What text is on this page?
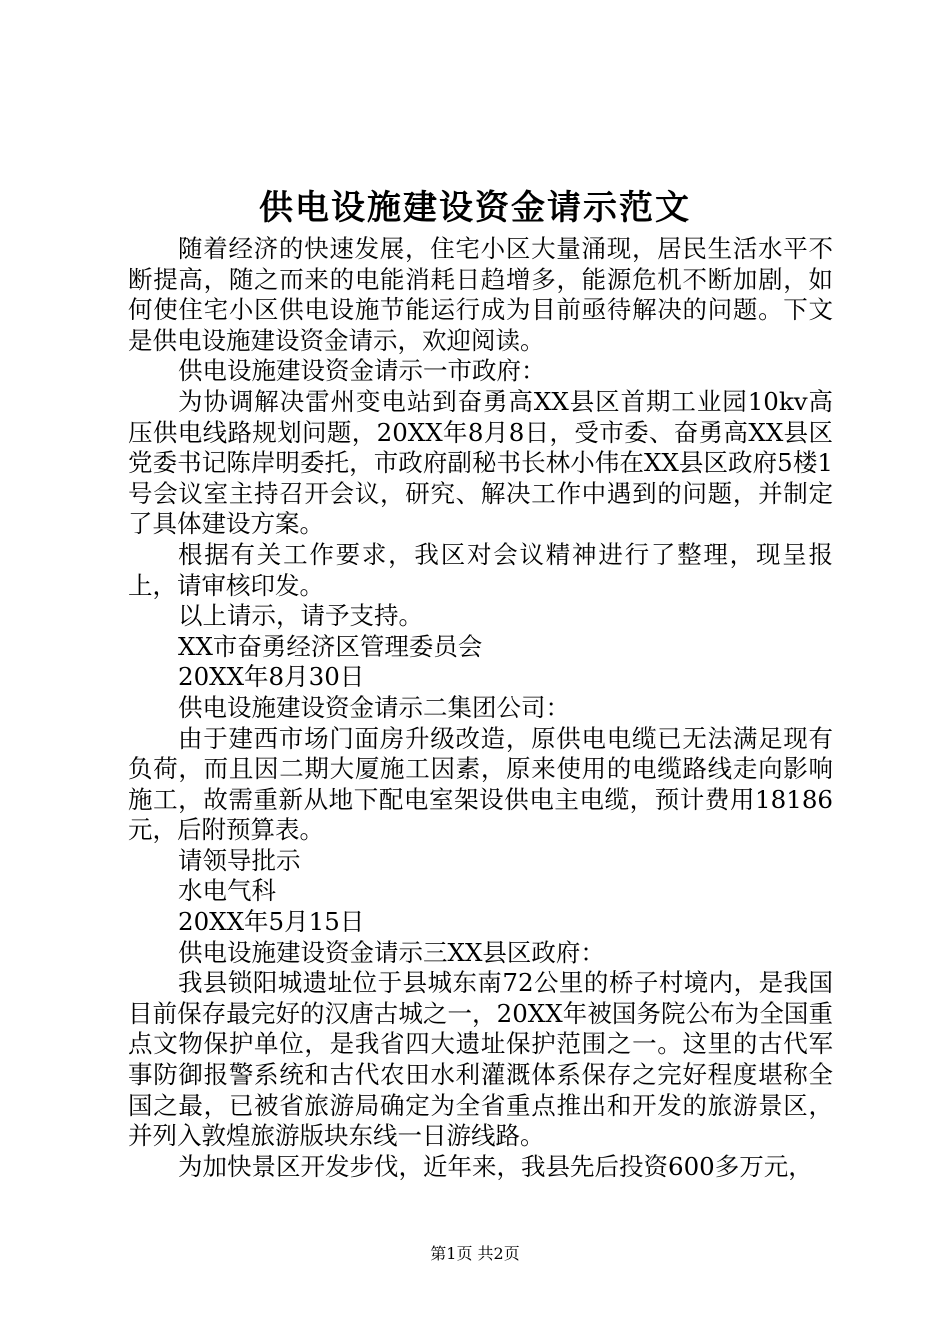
供电设施建设资金请示范文

随着经济的快速发展，住宅小区大量涌现，居民生活水平不断提高，随之而来的电能消耗日趋增多，能源危机不断加剧，如何使住宅小区供电设施节能运行成为目前亟待解决的问题。下文是供电设施建设资金请示，欢迎阅读。

供电设施建设资金请示一市政府：

为协调解决雷州变电站到奋勇高XX县区首期工业园10kv高压供电线路规划问题，20XX年8月8日，受市委、奋勇高XX县区党委书记陈岸明委托，市政府副秘书长林小伟在XX县区政府5楼1号会议室主持召开会议，研究、解决工作中遇到的问题，并制定了具体建设方案。

根据有关工作要求，我区对会议精神进行了整理，现呈报上，请审核印发。

以上请示，请予支持。

XX市奋勇经济区管理委员会

20XX年8月30日

供电设施建设资金请示二集团公司：

由于建西市场门面房升级改造，原供电电缆已无法满足现有负荷，而且因二期大厦施工因素，原来使用的电缆路线走向影响施工，故需重新从地下配电室架设供电主电缆，预计费用18186元，后附预算表。

请领导批示

水电气科

20XX年5月15日

供电设施建设资金请示三XX县区政府：

我县锁阳城遗址位于县城东南72公里的桥子村境内，是我国目前保存最完好的汉唐古城之一，20XX年被国务院公布为全国重点文物保护单位，是我省四大遗址保护范围之一。这里的古代军事防御报警系统和古代农田水利灌溉体系保存之完好程度堪称全国之最，已被省旅游局确定为全省重点推出和开发的旅游景区，并列入敦煌旅游版块东线一日游线路。

为加快景区开发步伐，近年来，我县先后投资600多万元，

第1页 共2页
